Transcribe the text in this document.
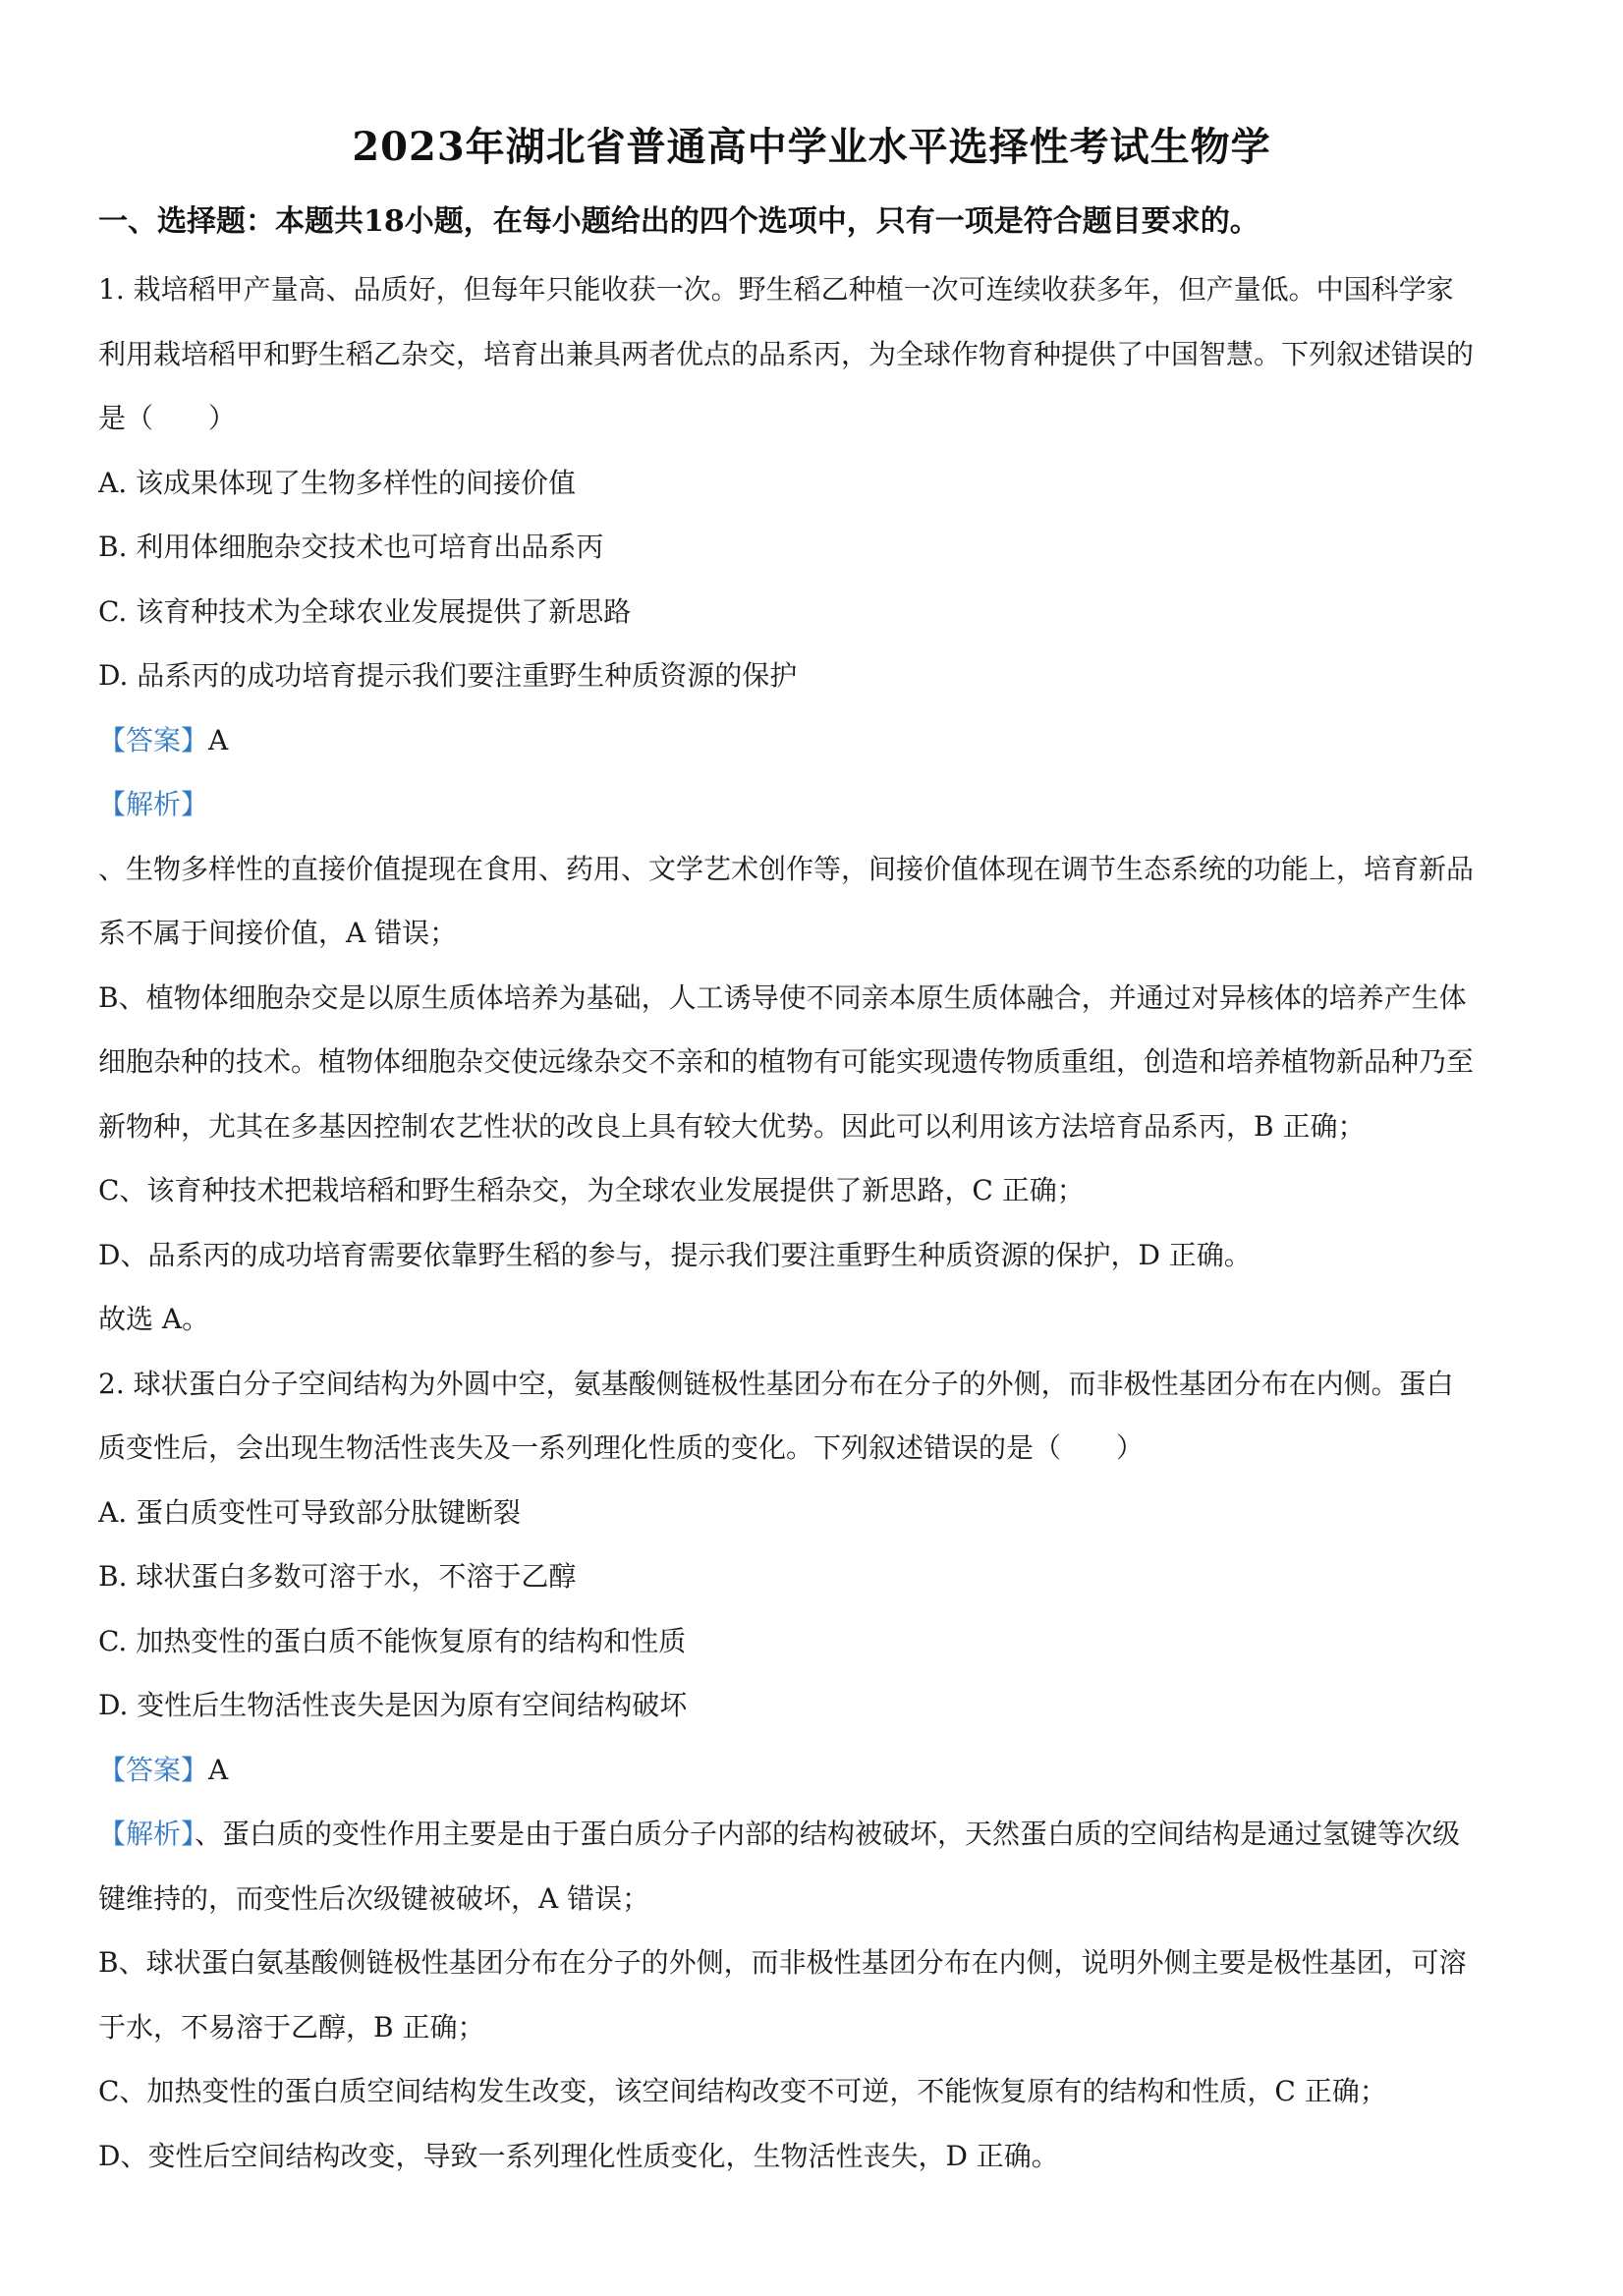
2023年湖北省普通高中学业水平选择性考试生物学
一、选择题：本题共18小题，在每小题给出的四个选项中，只有一项是符合题目要求的。
1. 栽培稻甲产量高、品质好，但每年只能收获一次。野生稻乙种植一次可连续收获多年，但产量低。中国科学家
利用栽培稻甲和野生稻乙杂交，培育出兼具两者优点的品系丙，为全球作物育种提供了中国智慧。下列叙述错误的
是（　　）
A. 该成果体现了生物多样性的间接价值
B. 利用体细胞杂交技术也可培育出品系丙
C. 该育种技术为全球农业发展提供了新思路
D. 品系丙的成功培育提示我们要注重野生种质资源的保护
【答案】A
【解析】
、生物多样性的直接价值提现在食用、药用、文学艺术创作等，间接价值体现在调节生态系统的功能上，培育新品
系不属于间接价值，A 错误；
B、植物体细胞杂交是以原生质体培养为基础，人工诱导使不同亲本原生质体融合，并通过对异核体的培养产生体
细胞杂种的技术。植物体细胞杂交使远缘杂交不亲和的植物有可能实现遗传物质重组，创造和培养植物新品种乃至
新物种，尤其在多基因控制农艺性状的改良上具有较大优势。因此可以利用该方法培育品系丙，B 正确；
C、该育种技术把栽培稻和野生稻杂交，为全球农业发展提供了新思路，C 正确；
D、品系丙的成功培育需要依靠野生稻的参与，提示我们要注重野生种质资源的保护，D 正确。
故选 A。
2. 球状蛋白分子空间结构为外圆中空，氨基酸侧链极性基团分布在分子的外侧，而非极性基团分布在内侧。蛋白
质变性后，会出现生物活性丧失及一系列理化性质的变化。下列叙述错误的是（　　）
A. 蛋白质变性可导致部分肽键断裂
B. 球状蛋白多数可溶于水，不溶于乙醇
C. 加热变性的蛋白质不能恢复原有的结构和性质
D. 变性后生物活性丧失是因为原有空间结构破坏
【答案】A
【解析】、蛋白质的变性作用主要是由于蛋白质分子内部的结构被破坏，天然蛋白质的空间结构是通过氢键等次级
键维持的，而变性后次级键被破坏，A 错误；
B、球状蛋白氨基酸侧链极性基团分布在分子的外侧，而非极性基团分布在内侧，说明外侧主要是极性基团，可溶
于水，不易溶于乙醇，B 正确；
C、加热变性的蛋白质空间结构发生改变，该空间结构改变不可逆，不能恢复原有的结构和性质，C 正确；
D、变性后空间结构改变，导致一系列理化性质变化，生物活性丧失，D 正确。
